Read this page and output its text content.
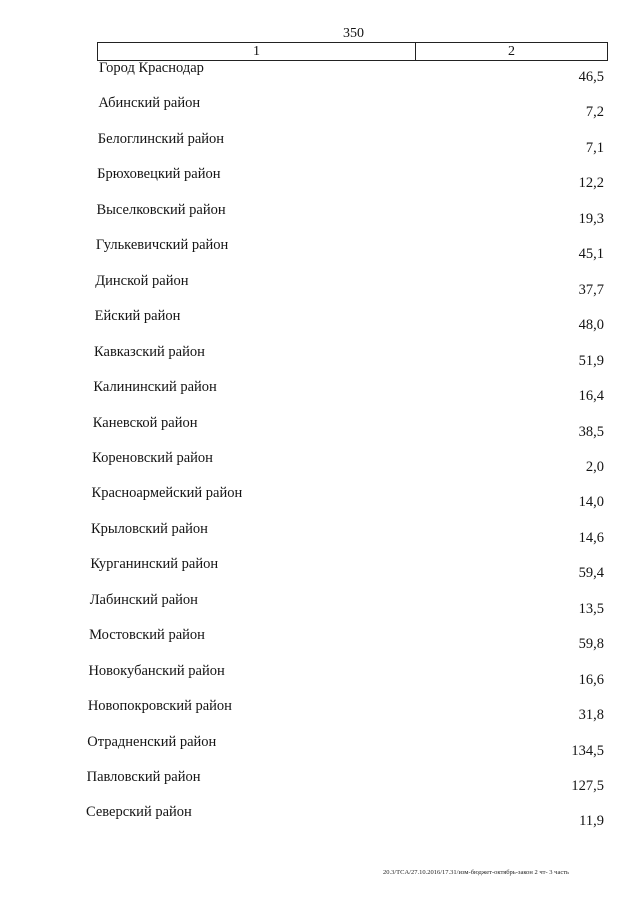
350
1	2
Город Краснодар
46,5
Абинский район
7,2
Белоглинский район
7,1
Брюховецкий район
12,2
Выселковский район
19,3
Гулькевичский район
45,1
Динской район
37,7
Ейский район
48,0
Кавказский район
51,9
Калининский район
16,4
Каневской район
38,5
Кореновский район
2,0
Красноармейский район
14,0
Крыловский район
14,6
Курганинский район
59,4
Лабинский район
13,5
Мостовский район
59,8
Новокубанский район
16,6
Новопокровский район
31,8
Отрадненский район
134,5
Павловский район
127,5
Северский район
11,9
20.3/TCA/27.10.2016/17.31/изм-бюджет-октябрь-закон 2 чт- 3 часть
